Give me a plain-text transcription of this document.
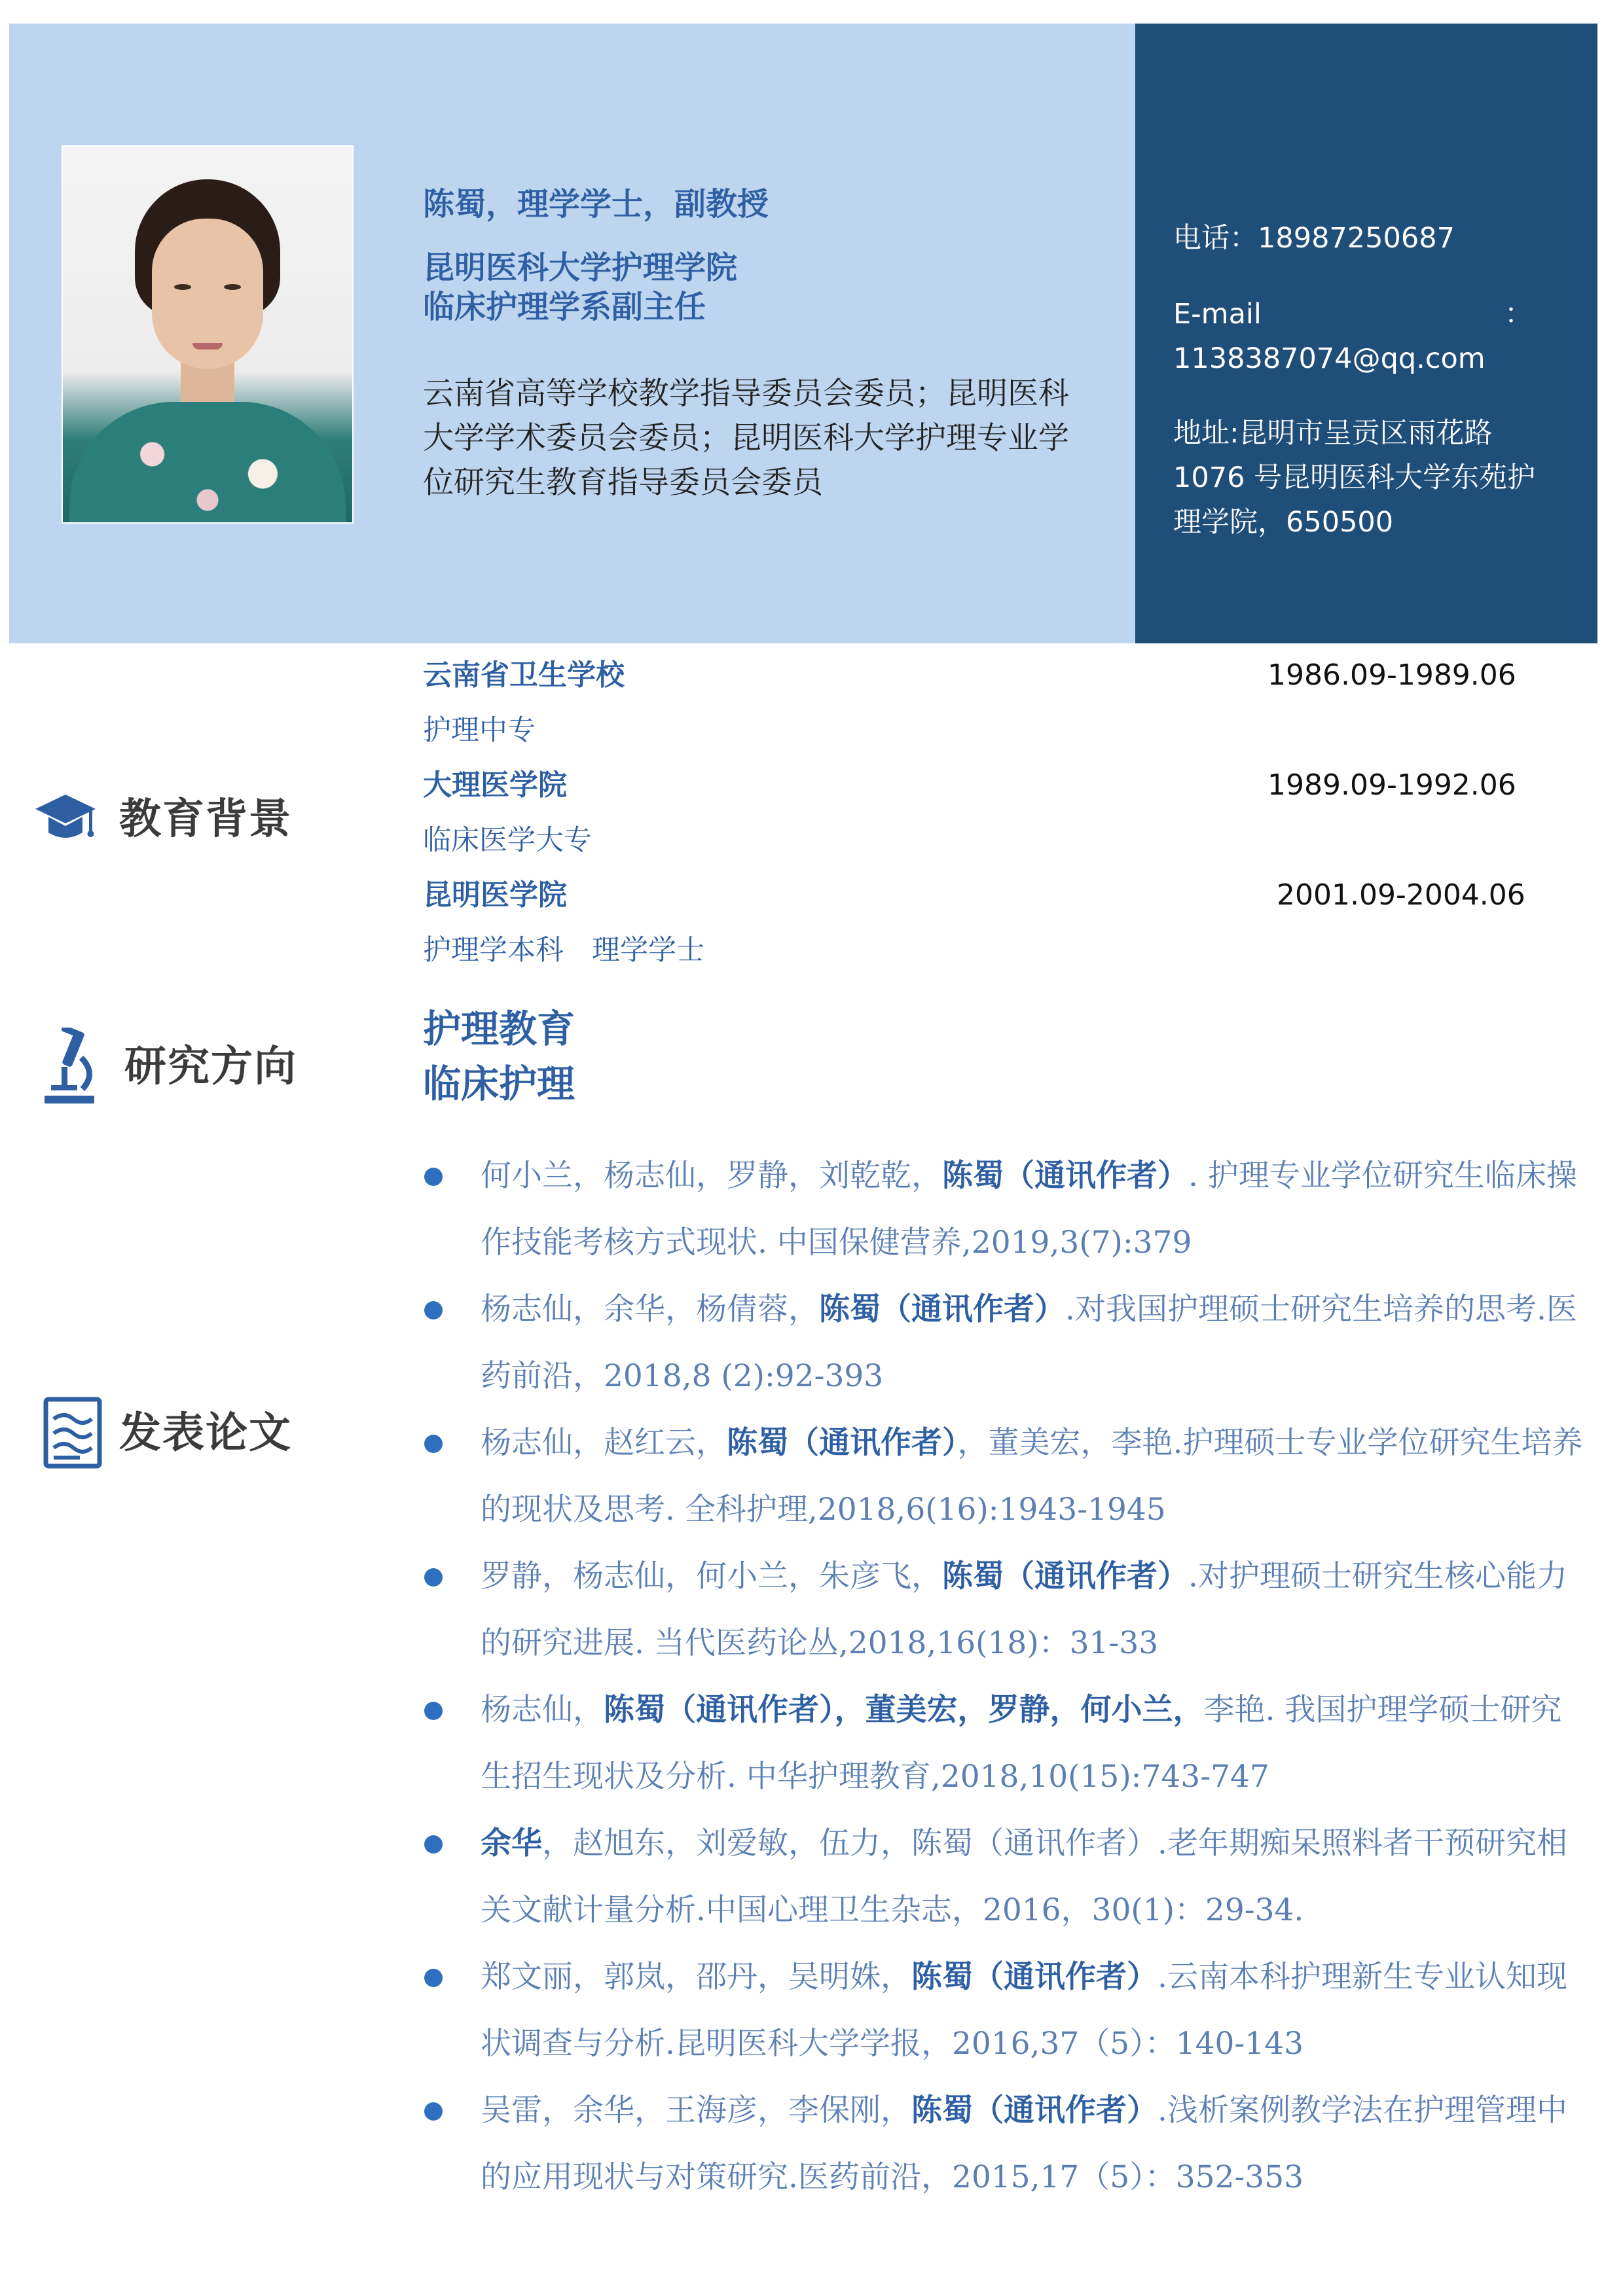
陈蜀，理学学士，副教授
昆明医科大学护理学院
临床护理学系副主任
云南省高等学校教学指导委员会委员；昆明医科
大学学术委员会委员；昆明医科大学护理专业学
位研究生教育指导委员会委员
电话：18987250687
E-mail	：
1138387074@qq.com
地址:昆明市呈贡区雨花路
1076 号昆明医科大学东苑护
理学院，650500
教育背景
云南省卫生学校	1986.09-1989.06
护理中专
大理医学院	1989.09-1992.06
临床医学大专
昆明医学院	2001.09-2004.06
护理学本科　理学学士
研究方向
护理教育
临床护理
发表论文

何小兰，杨志仙，罗静，刘乾乾，陈蜀（通讯作者）. 护理专业学位研究生临床操作技能考核方式现状. 中国保健营养,2019,3(7):379

杨志仙，余华，杨倩蓉，陈蜀（通讯作者）.对我国护理硕士研究生培养的思考.医药前沿，2018,8 (2):92-393

杨志仙，赵红云，陈蜀（通讯作者），董美宏，李艳.护理硕士专业学位研究生培养的现状及思考. 全科护理,2018,6(16):1943-1945

罗静，杨志仙，何小兰，朱彦飞，陈蜀（通讯作者）.对护理硕士研究生核心能力的研究进展. 当代医药论丛,2018,16(18)：31-33

杨志仙，陈蜀（通讯作者），董美宏，罗静，何小兰，李艳. 我国护理学硕士研究生招生现状及分析. 中华护理教育,2018,10(15):743-747

余华，赵旭东，刘爱敏，伍力，陈蜀（通讯作者）.老年期痴呆照料者干预研究相关文献计量分析.中国心理卫生杂志，2016，30(1)：29-34.

郑文丽，郭岚，邵丹，吴明姝，陈蜀（通讯作者）.云南本科护理新生专业认知现状调查与分析.昆明医科大学学报，2016,37（5）：140-143

吴雷，余华，王海彦，李保刚，陈蜀（通讯作者）.浅析案例教学法在护理管理中的应用现状与对策研究.医药前沿，2015,17（5）：352-353
